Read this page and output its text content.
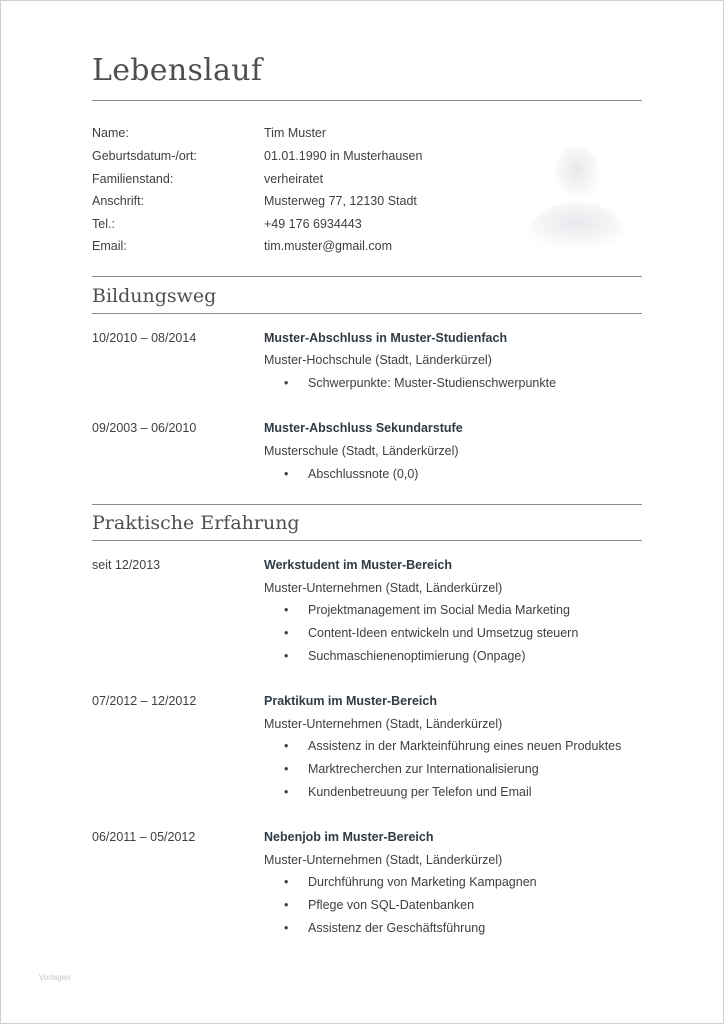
Lebenslauf
Name:	Tim Muster
Geburtsdatum-/ort:	01.01.1990 in Musterhausen
Familienstand:	verheiratet
Anschrift:	Musterweg 77, 12130 Stadt
Tel.:	+49 176 6934443
Email:	tim.muster@gmail.com
Bildungsweg
10/2010 – 08/2014	Muster-Abschluss in Muster-Studienfach
Muster-Hochschule (Stadt, Länderkürzel)
• Schwerpunkte: Muster-Studienschwerpunkte
09/2003 – 06/2010	Muster-Abschluss Sekundarstufe
Musterschule (Stadt, Länderkürzel)
• Abschlussnote (0,0)
Praktische Erfahrung
seit 12/2013	Werkstudent im Muster-Bereich
Muster-Unternehmen (Stadt, Länderkürzel)
• Projektmanagement im Social Media Marketing
• Content-Ideen entwickeln und Umsetzug steuern
• Suchmaschienenoptimierung (Onpage)
07/2012 – 12/2012	Praktikum im Muster-Bereich
Muster-Unternehmen (Stadt, Länderkürzel)
• Assistenz in der Markteinführung eines neuen Produktes
• Marktrecherchen zur Internationalisierung
• Kundenbetreuung per Telefon und Email
06/2011 – 05/2012	Nebenjob im Muster-Bereich
Muster-Unternehmen (Stadt, Länderkürzel)
• Durchführung von Marketing Kampagnen
• Pflege von SQL-Datenbanken
• Assistenz der Geschäftsführung
Vorlagen
